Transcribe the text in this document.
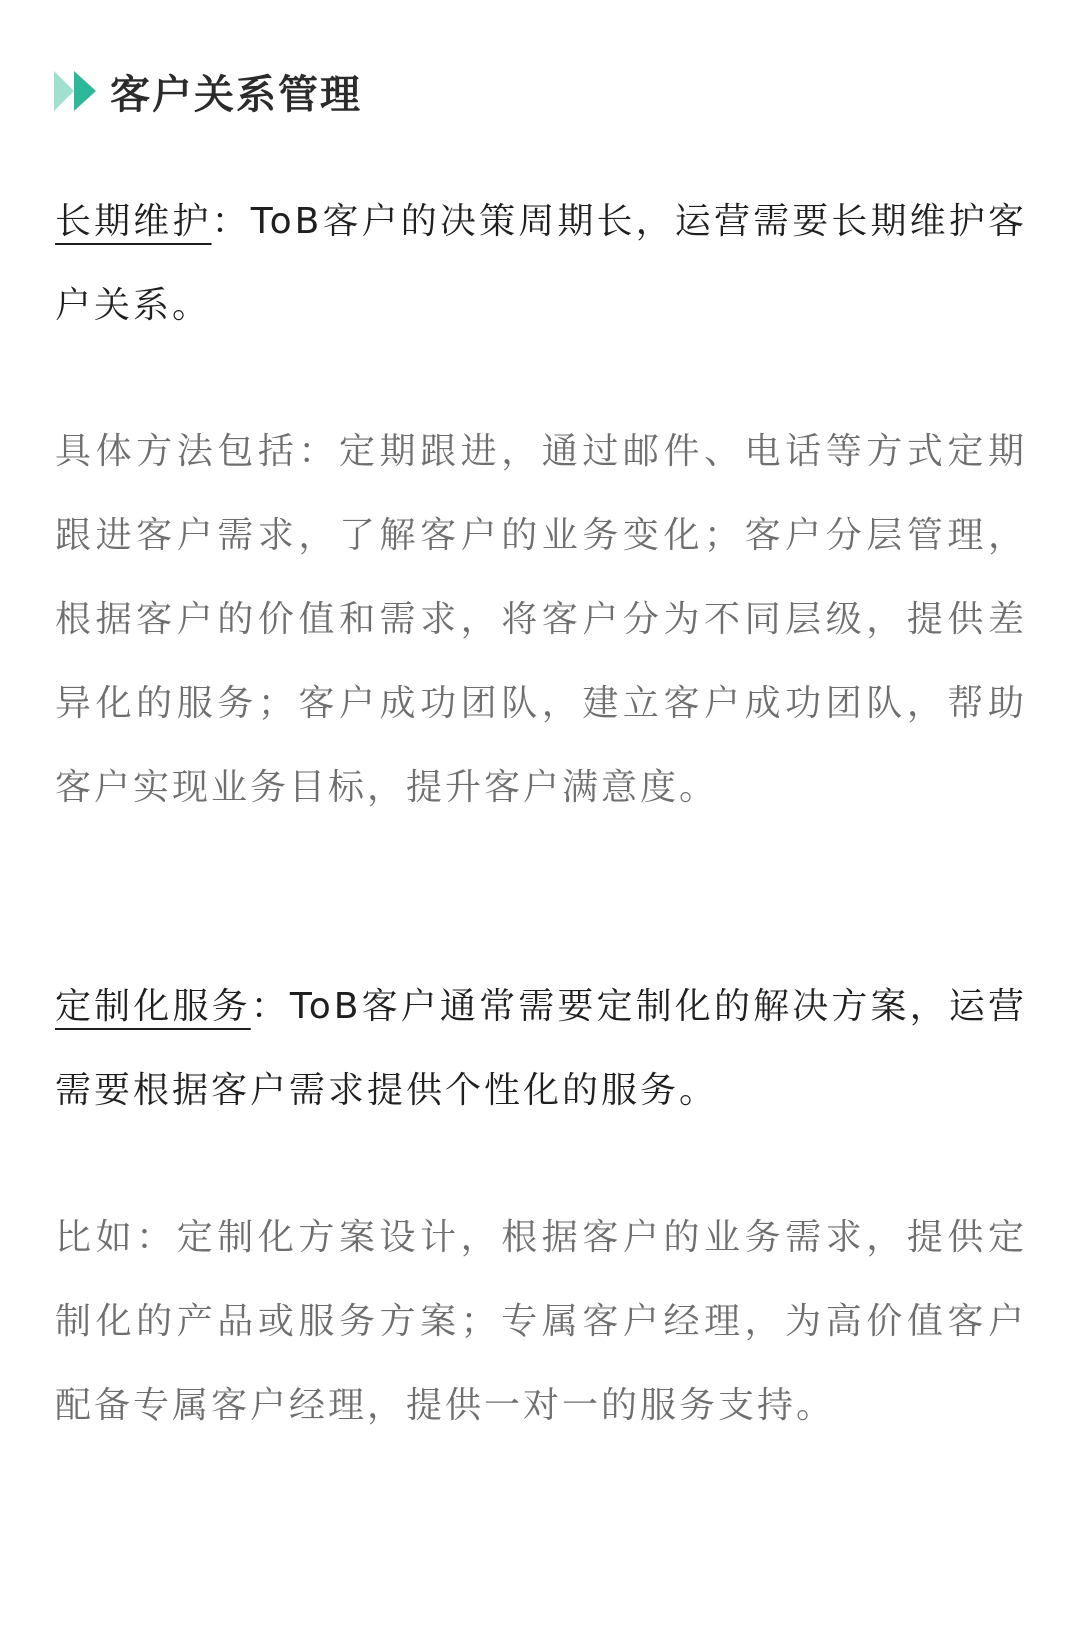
客户关系管理

长期维护：ToB客户的决策周期长，运营需要长期维护客户关系。

具体方法包括：定期跟进，通过邮件、电话等方式定期跟进客户需求，了解客户的业务变化；客户分层管理，根据客户的价值和需求，将客户分为不同层级，提供差异化的服务；客户成功团队，建立客户成功团队，帮助客户实现业务目标，提升客户满意度。

定制化服务：ToB客户通常需要定制化的解决方案，运营需要根据客户需求提供个性化的服务。

比如：定制化方案设计，根据客户的业务需求，提供定制化的产品或服务方案；专属客户经理，为高价值客户配备专属客户经理，提供一对一的服务支持。
